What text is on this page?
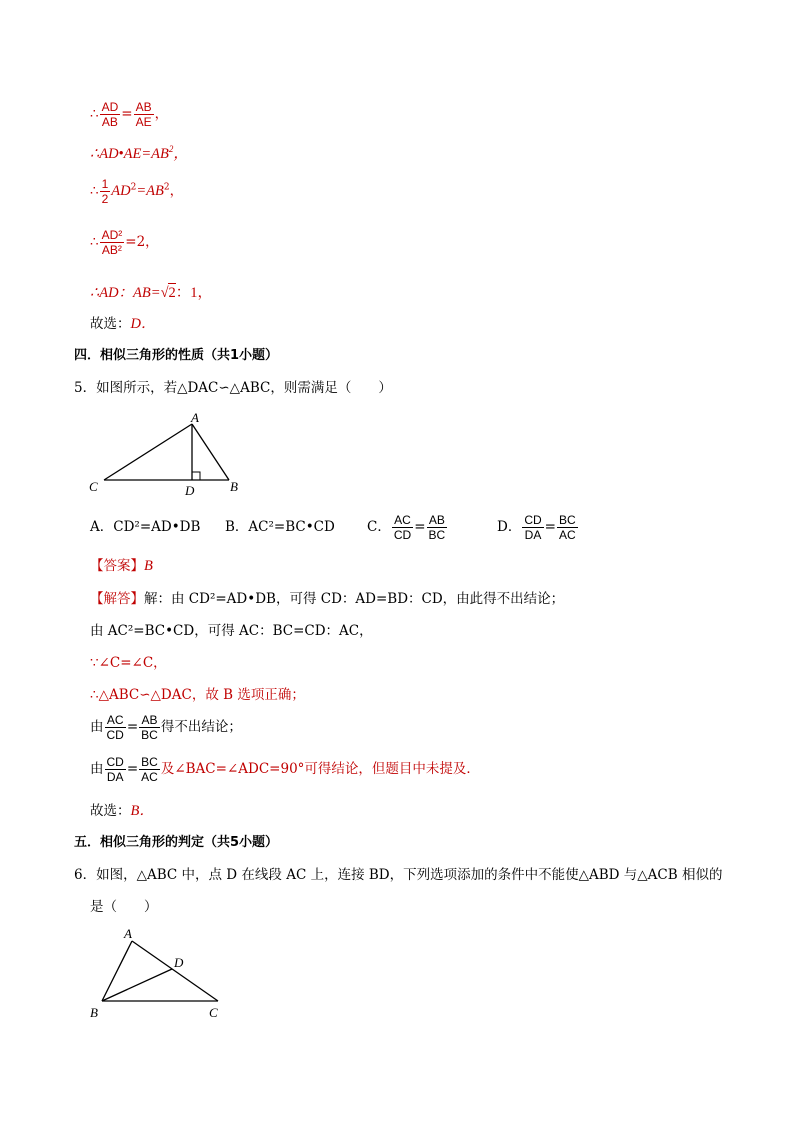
∴ $\frac{AD}{AB} = \frac{AB}{AE}$ ，
$\therefore AD•AE=AB^2$，
∴ $\frac{1}{2} AD^2=AB^2$，
∴ $\frac{\text{AD²}}{\text{AB²}} =2$，
∴AD：AB=√2：1，
故选：D．
四．相似三角形的性质（共1小题）
5．如图所示，若△DAC∽△ABC，则需满足（　　）
A
C	D	B
A．CD²=AD•DB B．AC²=BC•CD C． $\frac{AC}{CD} = \frac{AB}{BC}$	D． $\frac{CD}{DA} = \frac{BC}{AC}$
【答案】B
【解答】解：由 CD²=AD•DB，可得 CD：AD=BD：CD，由此得不出结论；
由 AC²=BC•CD，可得 AC：BC=CD：AC，
∵∠C=∠C，
∴△ABC∽△DAC，故 B 选项正确；
由 $\frac{AC}{CD} = \frac{AB}{BC}$ 得不出结论；
由 $\frac{CD}{DA} = \frac{BC}{AC}$ 及∠BAC=∠ADC=90°可得结论，但题目中未提及．
故选：B．
五．相似三角形的判定（共5小题）
6．如图，△ABC 中，点 D 在线段 AC 上，连接 BD，下列选项添加的条件中不能使△ABD 与△ACB 相似的
是（　　）
A
D
B	C
